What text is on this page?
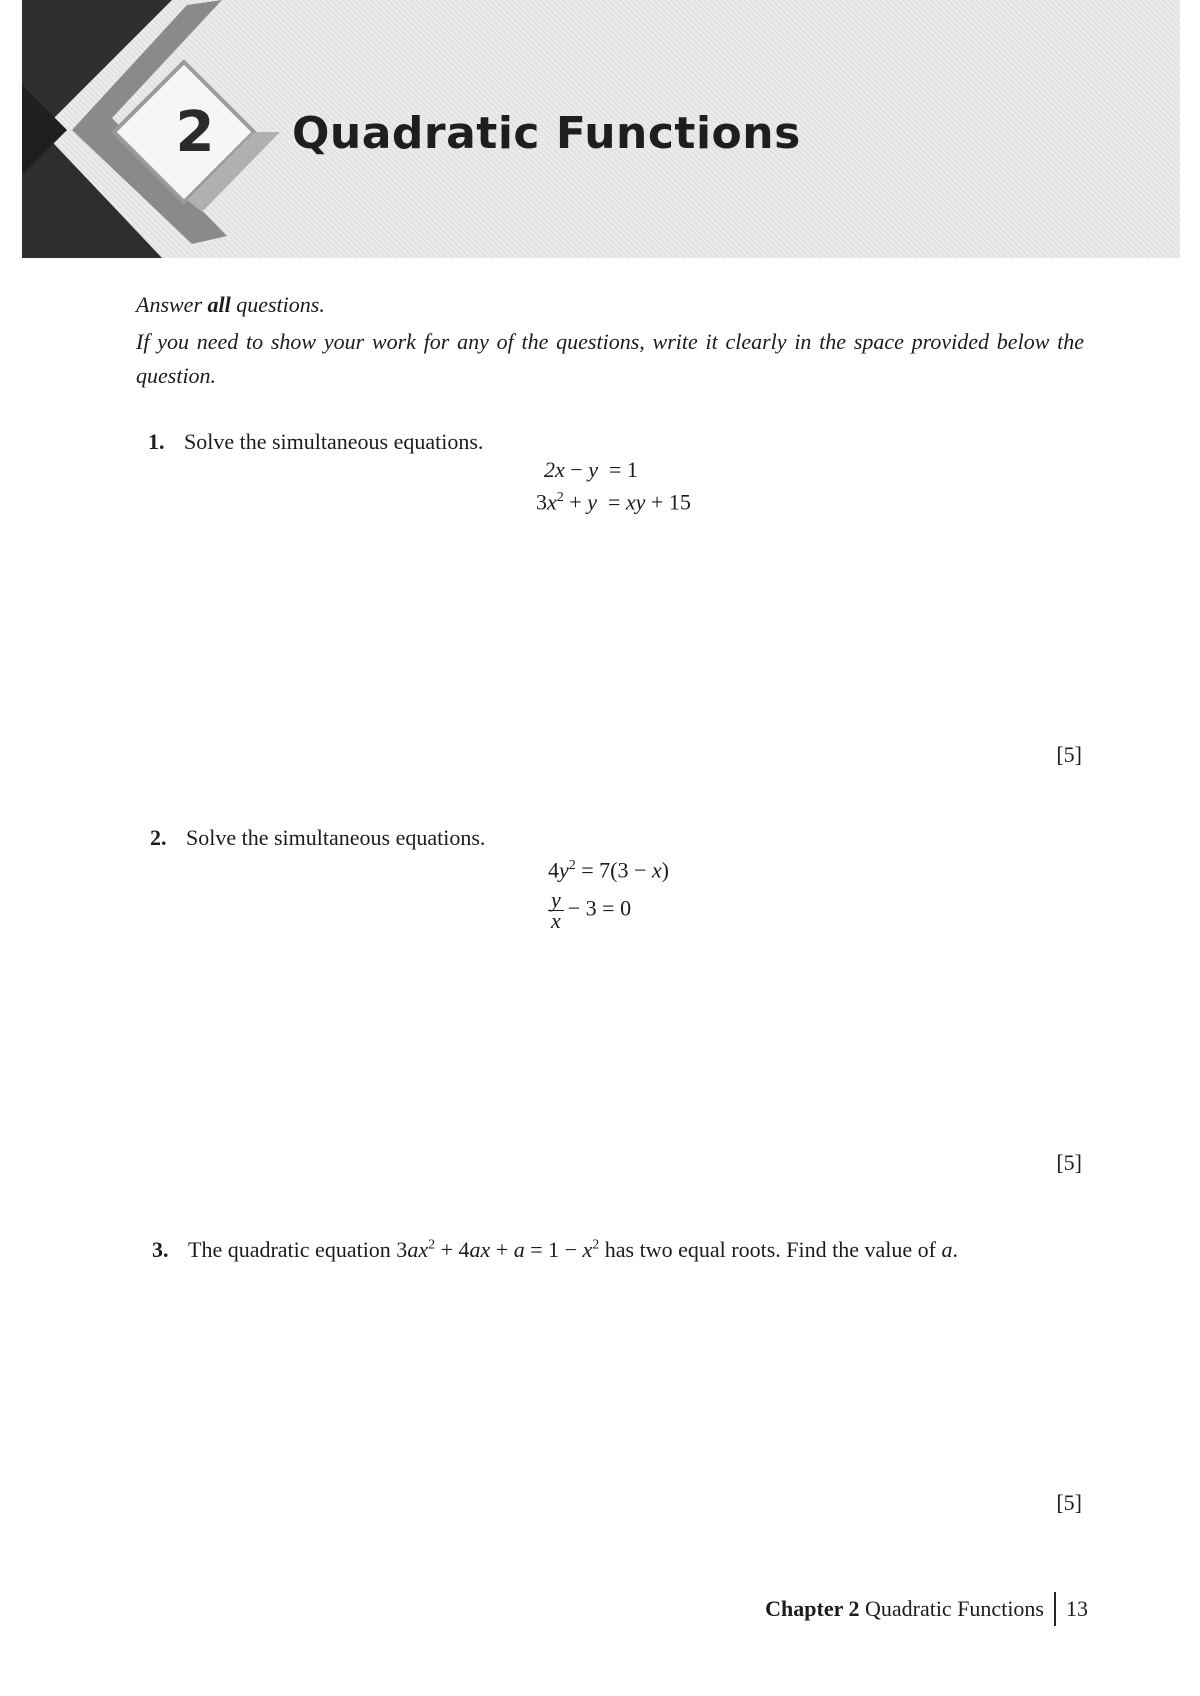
2	Quadratic Functions
Answer all questions.
If you need to show your work for any of the questions, write it clearly in the space provided below the question.
1. Solve the simultaneous equations.
2x − y  = 1
$3x^2 + y$  = xy + 15
[5]
2. Solve the simultaneous equations.
$4y^2 = 7(3 - x)$
$\frac{y}{x} - 3 = 0$
[5]
3. The quadratic equation $3ax^2 + 4ax + a = 1 - x^2$ has two equal roots. Find the value of a.
[5]
Chapter 2
Quadratic Functions 13
